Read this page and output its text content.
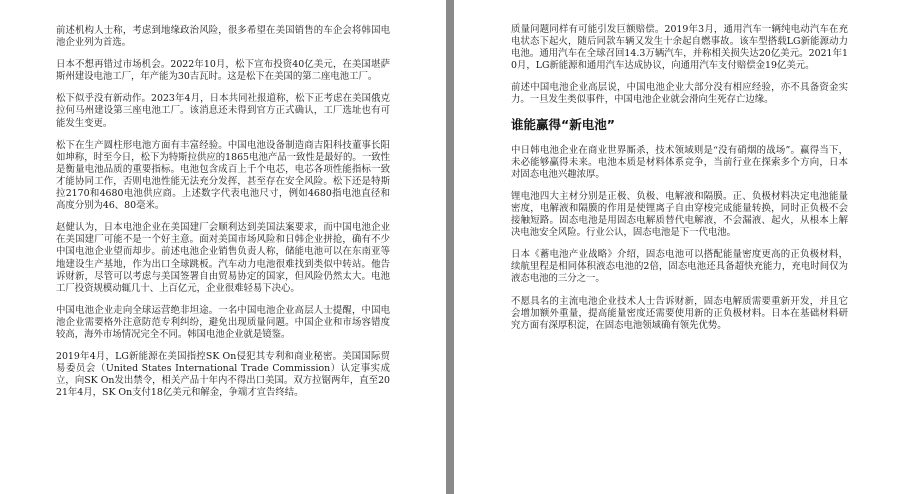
前述机构人士称，考虑到地缘政治风险，很多希望在美国销售的车企会将韩国电池企业列为首选。

日本不想再错过市场机会。2022年10月，松下宣布投资40亿美元，在美国堪萨斯州建设电池工厂，年产能为30吉瓦时。这是松下在美国的第二座电池工厂。

松下似乎没有新动作。2023年4月，日本共同社报道称，松下正考虑在美国俄克拉何马州建设第三座电池工厂。该消息还未得到官方正式确认，工厂选址也有可能发生变更。

松下在生产圆柱形电池方面有丰富经验。中国电池设备制造商吉阳科技董事长阳如坤称，时至今日，松下为特斯拉供应的1865电池产品一致性是最好的。一致性是衡量电池品质的重要指标。电池包含成百上千个电芯，电芯各项性能指标一致才能协同工作，否则电池性能无法充分发挥，甚至存在安全风险。松下还是特斯拉2170和4680电池供应商。上述数字代表电池尺寸，例如4680指电池直径和高度分别为46、80毫米。

赵健认为，日本电池企业在美国建厂会顺利达到美国法案要求，而中国电池企业在美国建厂可能不是一个好主意。面对美国市场风险和日韩企业拼抢，确有不少中国电池企业望而却步。前述电池企业销售负责人称，储能电池可以在东南亚等地建设生产基地，作为出口全球跳板。汽车动力电池很难找到类似中转站。他告诉财新，尽管可以考虑与美国签署自由贸易协定的国家，但风险仍然太大。电池工厂投资规模动辄几十、上百亿元，企业很难轻易下决心。

中国电池企业走向全球运营绝非坦途。一名中国电池企业高层人士提醒，中国电池企业需要格外注意防范专利纠纷，避免出现质量问题。中国企业和市场容错度较高，海外市场情况完全不同。韩国电池企业就是镜鉴。

2019年4月，LG新能源在美国指控SK On侵犯其专利和商业秘密。美国国际贸易委员会（United States International Trade Commission）认定事实成立，向SK On发出禁令，相关产品十年内不得出口美国。双方拉锯两年，直至2021年4月，SK On支付18亿美元和解金，争端才宣告终结。

质量问题同样有可能引发巨额赔偿。2019年3月，通用汽车一辆纯电动汽车在充电状态下起火，随后同款车辆又发生十余起自燃事故。该车型搭载LG新能源动力电池。通用汽车在全球召回14.3万辆汽车，并称相关损失达20亿美元。2021年10月，LG新能源和通用汽车达成协议，向通用汽车支付赔偿金19亿美元。

前述中国电池企业高层说，中国电池企业大部分没有相应经验，亦不具备资金实力。一旦发生类似事件，中国电池企业就会滑向生死存亡边缘。

谁能赢得“新电池”

中日韩电池企业在商业世界厮杀，技术领域则是“没有硝烟的战场”。赢得当下，未必能够赢得未来。电池本质是材料体系竞争，当前行业在探索多个方向，日本对固态电池兴趣浓厚。

锂电池四大主材分别是正极、负极、电解液和隔膜。正、负极材料决定电池能量密度，电解液和隔膜的作用是使锂离子自由穿梭完成能量转换，同时正负极不会接触短路。固态电池是用固态电解质替代电解液，不会漏液、起火，从根本上解决电池安全风险。行业公认，固态电池是下一代电池。

日本《蓄电池产业战略》介绍，固态电池可以搭配能量密度更高的正负极材料，续航里程是相同体积液态电池的2倍，固态电池还具备超快充能力，充电时间仅为液态电池的三分之一。

不愿具名的主流电池企业技术人士告诉财新，固态电解质需要重新开发，并且它会增加额外重量，提高能量密度还需要使用新的正负极材料。日本在基础材料研究方面有深厚积淀，在固态电池领域确有领先优势。
